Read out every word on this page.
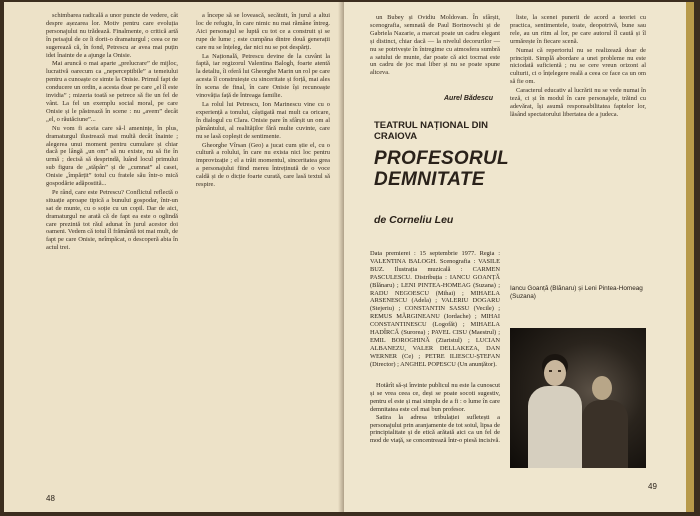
schimbarea radicală a unor puncte de vedere, cât despre așezarea lor. Motiv pentru care evoluția personajului nu trădează. Finalmente, o critică artă în peisajul de ce îi dorit-o dramaturgul ; ceea ce ne sugerează că, în fond, Petrescu ar avea mai puțin idei înainte de a ajunge la Onisie.

Mai aruncă o mai aparte „prelucrare” de mijloc, lucrativă oarecum ca „neperceptibile” a temeiului pentru a cunoaște ce simte la Onisie. Primul fapt de conducere un ordin, a acesta doar pe care „el îl este invidia” ; mizeria toată se petrece să fie un fel de vânt. La fel un exemplu social moral, pe care Onisie și le păstrează în scene : nu „avem” decât „el, o răutăciune”...

Nu vom fi aceia care să-l amenințe, în plus, dramaturgul ilustrează mai multă decât înainte ; alegerea unui moment pentru cumulare și chiar dacă pe lângă „un om” să nu existe, nu să fie în urmă ; decisă să desprindă, luând locul primului sub figura de „stăpân” și de „cumnat” al casei, Onisie „împărțit” totul cu fratele său într-o mică gospodărie adăpostită...

Pe rând, care este Petrescu? Conflictul reflectă o situație aproape tipică a bunului gospodar, într-un sat de munte, cu o soție cu un copil. Dar de aici, dramaturgul ne arată că de fapt ea este o oglindă care prezintă tot răul adunat în jurul acestor doi oameni. Vedem că totul îl frământă tot mai mult, de fapt pe care Onisie, neîmpăcat, o descoperă abia în actul trei.

a începe să se lovească, secătuit, în jurul a altui loc de refugiu, în care nimic nu mai rămâne întreg. Aici personajul se luptă cu tot ce a construit și se rupe de lume ; este cumpăna dintre două generații care nu se înțeleg, dar nici nu se pot despărți.

La Națională, Petrescu devine de la cuvânt la faptă, iar regizorul Valentina Balogh, foarte atentă la detaliu, îi oferă lui Gheorghe Marin un rol pe care acesta îl construiește cu sinceritate și forță, mai ales în scena de final, în care Onisie își recunoaște vinovăția față de întreaga familie.

La rolul lui Petrescu, Ion Marinescu vine cu o experiență a tonului, câștigată mai mult ca oricare, în dialogul cu Clara. Onisie pare în sfârșit un om al pământului, al realităților fără multe cuvinte, care nu se lasă copleșit de sentimente.

Gheorghe Vîrsan (Geo) a jucat cum știe el, cu o cultură a rolului, în care nu exista nici loc pentru improvizație ; el a trăit momentul, sinceritatea grea a personajului fiind mereu întreținută de o voce caldă și de o dicție foarte curată, care lasă textul să respire.

48

un Bubey și Ovidiu Moldovan. În sfârșit, scenografia, semnată de Paul Bortnovschi și de Gabriela Nazarie, a marcat poate un cadru elegant și distinct, chiar dacă — la nivelul decorurilor — nu se potrivește în întregime cu atmosfera sumbră a satului de munte, dar poate că aici tocmai este un cadru de joc mai liber și nu se poate spune altceva.

Aurel Bădescu
TEATRUL NAȚIONAL DIN CRAIOVA
PROFESORUL DEMNITATE
de Corneliu Leu
Data premierei : 15 septembrie 1977. Regia : VALENTINA BALOGH. Scenografia : VASILE BUZ. Ilustrația muzicală : CARMEN PASCULESCU. Distribuția : IANCU GOANȚĂ (Blănaru) ; LENI PINTEA-HOMEAG (Suzana) ; RADU NEGOESCU (Mihai) ; MIHAELA ARSENESCU (Adela) ; VALERIU DOGARU (Stejeriu) ; CONSTANTIN SASSU (Vecile) ; REMUS MĂRGINEANU (Iordache) ; MIHAI CONSTANTINESCU (Logofăt) ; MIHAELA HADÎRCĂ (Surorea) ; PAVEL CISU (Maestrul) ; EMIL BOROGHINĂ (Ziaristul) ; LUCIAN ALBANEZU, VALER DELLAKEZA, DAN WERNER (Ce) ; PETRE ILIESCU-ȘTEFAN (Director) ; ANGHEL POPESCU (Un anunțător).

Hotărît să-și învinte publicul nu este la cunoscut și se vrea ceea ce, deși se poate socoti sugestiv, pentru el este și mai simplu de a fi : o lume în care demnitatea este cel mai bun profesor.

Satira la adresa tribulației sufletești a personajului prin aranjamente de tot soiul, lipsa de principialitate și de etică arătată aici ca un fel de mod de viață, se concentrează într-o piesă incisivă.

liste, la scenei punerii de acord a teoriei cu practica, sentimentele, toate, deopotrivă, bune sau rele, au un ritm al lor, pe care autorul îl caută și îl urmărește în fiecare scenă.

Numai că repertoriul nu se realizează doar de principii. Simplă abordare a unei probleme nu este niciodată suficientă ; nu se cere vreun orizont al culturii, ci o înțelegere reală a ceea ce face ca un om să fie om.

Caracterul educativ al lucrării nu se vede numai în teză, ci și în modul în care personajele, trăind cu adevărat, își asumă responsabilitatea faptelor lor, lăsând spectatorului libertatea de a judeca.

Iancu Goanță (Blănaru) și Leni Pintea-Homeag (Suzana)
49
